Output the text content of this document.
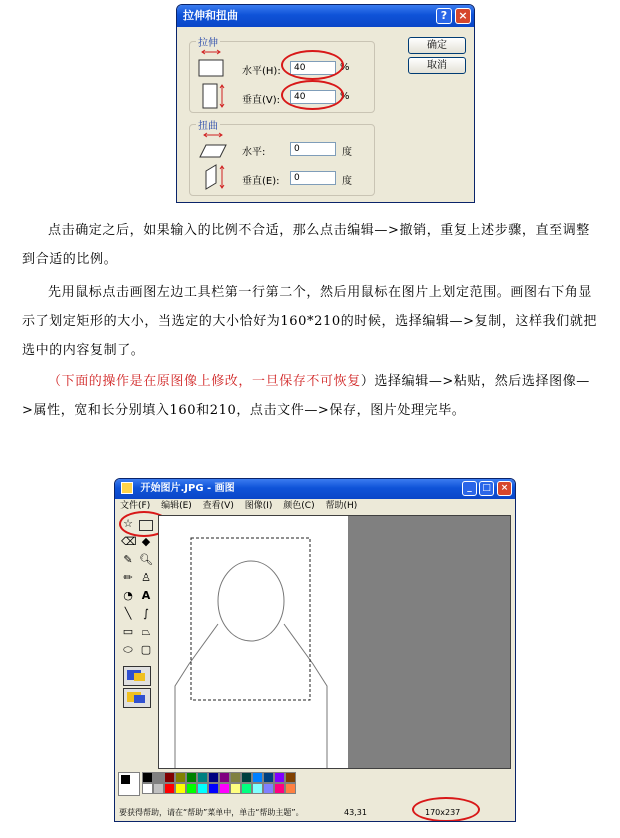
拉伸和扭曲	?	×
拉伸
水平(H):	40	%
垂直(V):	40	%
扭曲
水平:	0	度
垂直(E):	0	度
确定
取消
点击确定之后，如果输入的比例不合适，那么点击编辑—>撤销，重复上述步骤，直至调整到合适的比例。
先用鼠标点击画图左边工具栏第一行第二个，然后用鼠标在图片上划定范围。画图右下角显示了划定矩形的大小，当选定的大小恰好为160*210的时候，选择编辑—>复制，这样我们就把选中的内容复制了。
（下面的操作是在原图像上修改，一旦保存不可恢复）选择编辑—>粘贴，然后选择图像—>属性，宽和长分别填入160和210，点击文件—>保存，图片处理完毕。
开始图片.JPG - 画图	_	□	×
文件(F) 编辑(E) 查看(V) 图像(I) 颜色(C) 帮助(H)
☆
⌫ ◆
✎ 🔍︎
✏︎ ♙
◔ A
╲	∫
▭ ⏢
⬭ ▢
要获得帮助，请在“帮助”菜单中，单击“帮助主题”。	43,31	170x237
